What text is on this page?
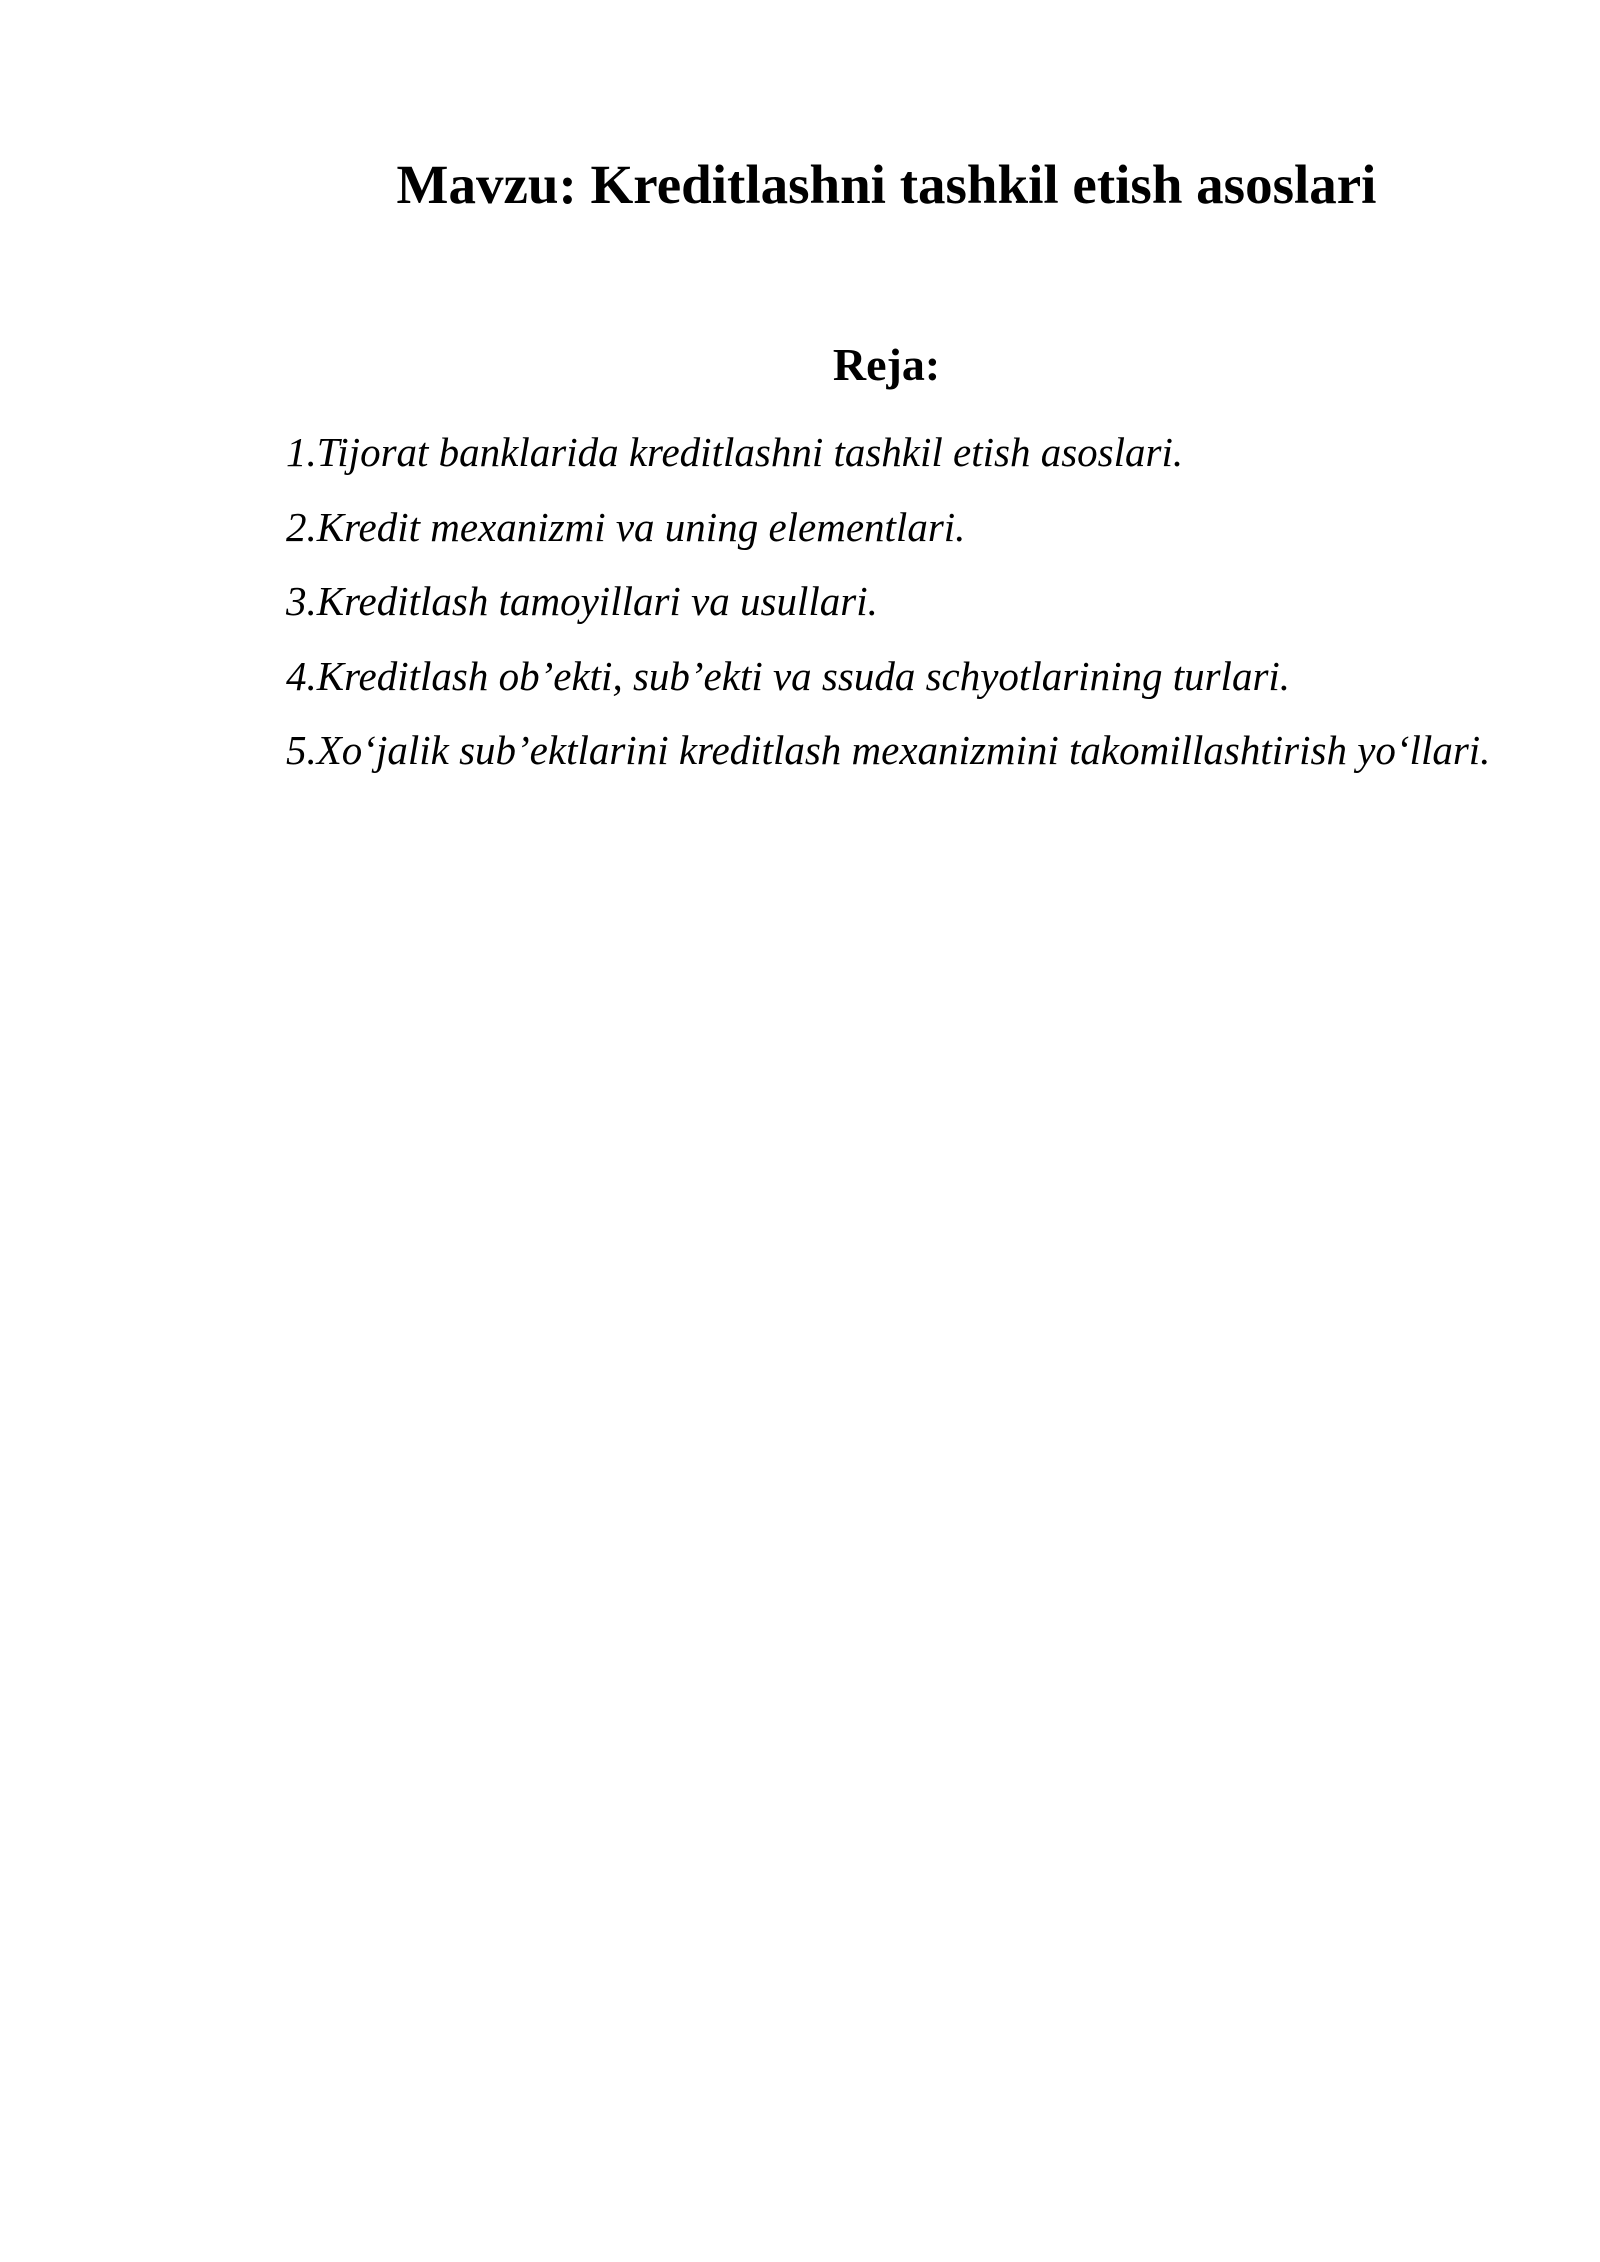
Mavzu: Kreditlashni tashkil etish asoslari
Reja:
1.Tijorat banklarida kreditlashni tashkil etish asoslari.
2.Kredit mexanizmi va uning elementlari.
3.Kreditlash tamoyillari va usullari.
4.Kreditlash ob’ekti, sub’ekti va ssuda schyotlarining turlari.
5.Xo‘jalik sub’ektlarini kreditlash mexanizmini takomillashtirish yo‘llari.
